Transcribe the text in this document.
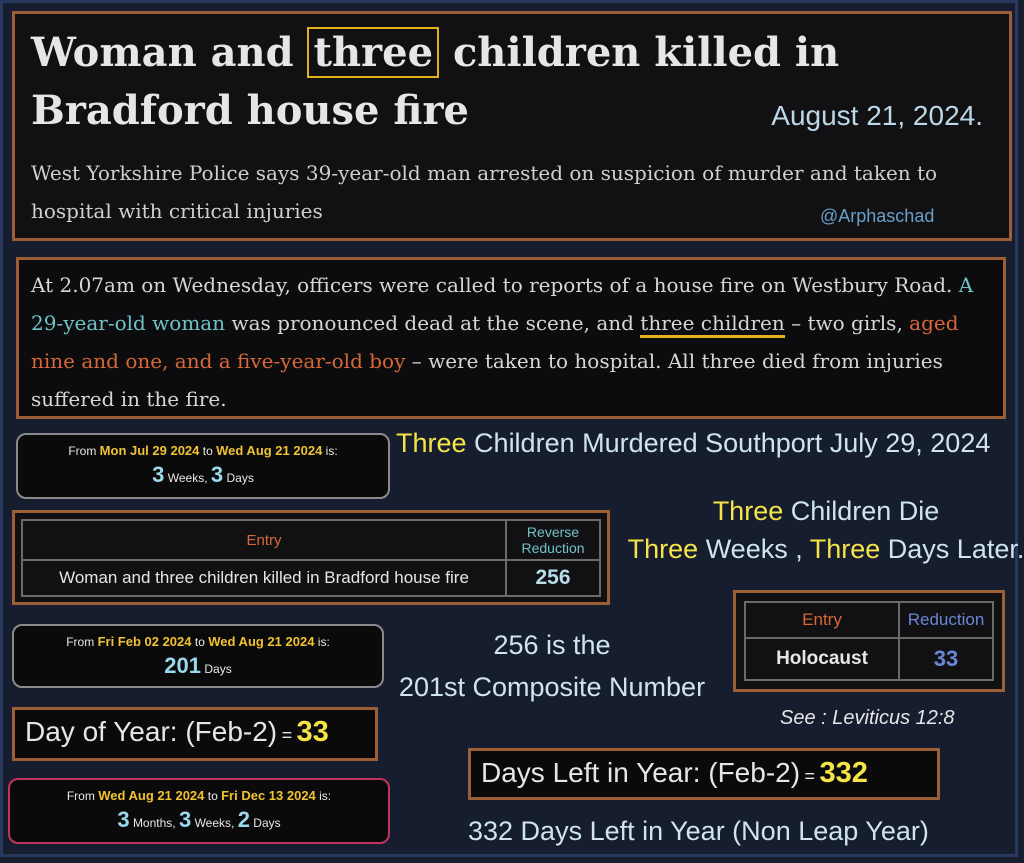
Woman and three children killed in Bradford house fire	August 21, 2024.
West Yorkshire Police says 39-year-old man arrested on suspicion of murder and taken to hospital with critical injuries	@Arphaschad
At 2.07am on Wednesday, officers were called to reports of a house fire on Westbury Road. A 29-year-old woman was pronounced dead at the scene, and three children – two girls, aged nine and one, and a five-year-old boy – were taken to hospital. All three died from injuries suffered in the fire.
From Mon Jul 29 2024 to Wed Aug 21 2024 is:
3 Weeks, 3 Days
Three Children Murdered Southport July 29, 2024
Three Children Die
Three Weeks , Three Days Later.
Entry	Reverse Reduction
Woman and three children killed in Bradford house fire	256
From Fri Feb 02 2024 to Wed Aug 21 2024 is:
201 Days
256 is the
201st Composite Number
Entry	Reduction
Holocaust	33
See : Leviticus 12:8
Day of Year: (Feb-2) = 33
Days Left in Year: (Feb-2) = 332
From Wed Aug 21 2024 to Fri Dec 13 2024 is:
3 Months, 3 Weeks, 2 Days	332 Days Left in Year (Non Leap Year)
